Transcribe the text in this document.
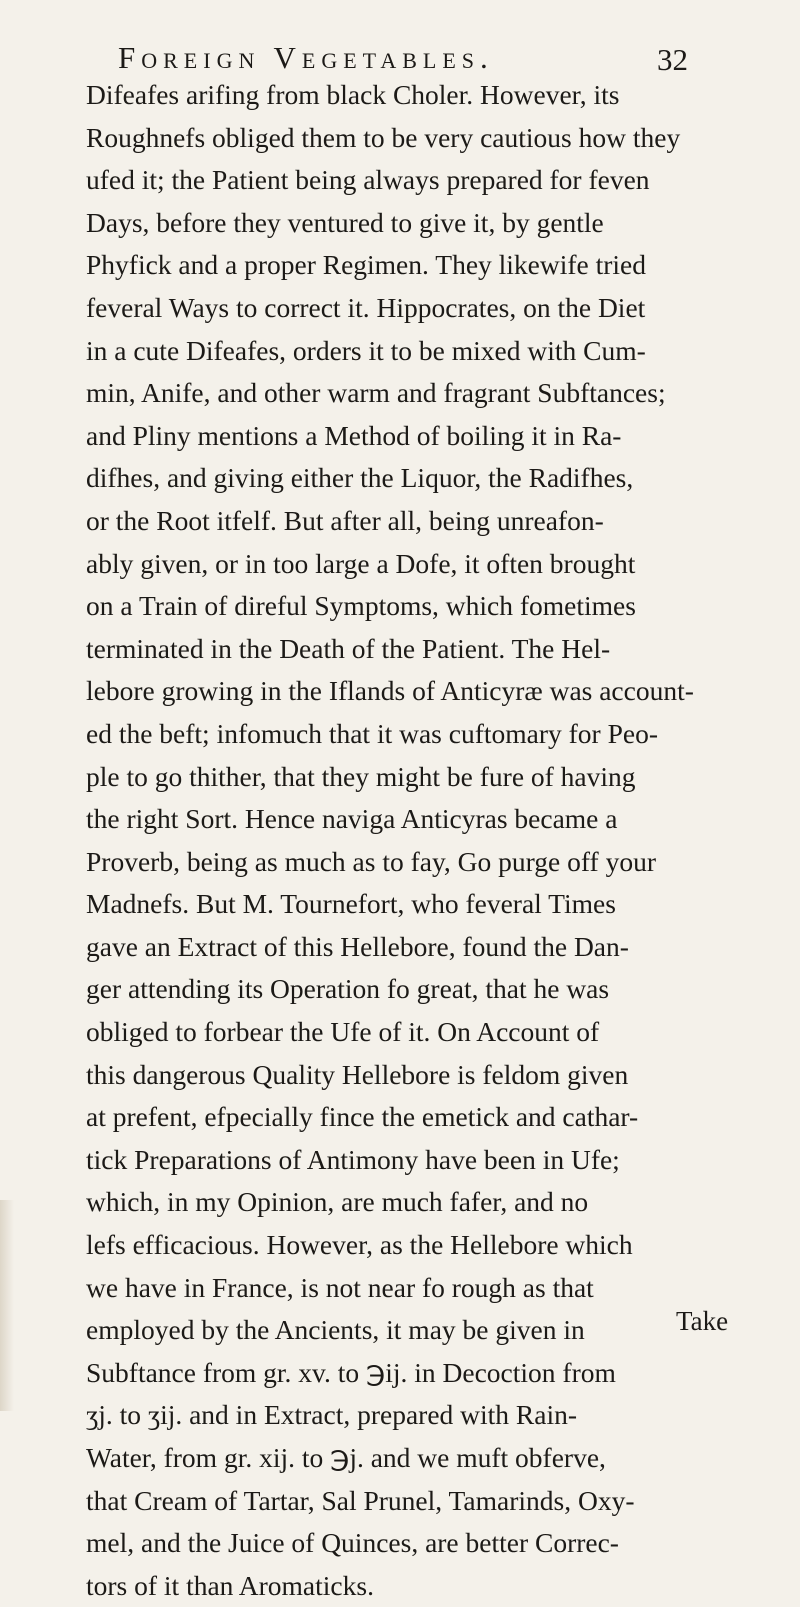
Foreign Vegetables.	32
Difeafes arifing from black Choler. However, its
Roughnefs obliged them to be very cautious how they
ufed it; the Patient being always prepared for feven
Days, before they ventured to give it, by gentle
Phyfick and a proper Regimen. They likewife tried
feveral Ways to correct it. Hippocrates, on the Diet
in a cute Difeafes, orders it to be mixed with Cum-
min, Anife, and other warm and fragrant Subftances;
and Pliny mentions a Method of boiling it in Ra-
difhes, and giving either the Liquor, the Radifhes,
or the Root itfelf. But after all, being unreafon-
ably given, or in too large a Dofe, it often brought
on a Train of direful Symptoms, which fometimes
terminated in the Death of the Patient. The Hel-
lebore growing in the Iflands of Anticyræ was account-
ed the beft; infomuch that it was cuftomary for Peo-
ple to go thither, that they might be fure of having
the right Sort. Hence naviga Anticyras became a
Proverb, being as much as to fay, Go purge off your
Madnefs. But M. Tournefort, who feveral Times
gave an Extract of this Hellebore, found the Dan-
ger attending its Operation fo great, that he was
obliged to forbear the Ufe of it. On Account of
this dangerous Quality Hellebore is feldom given
at prefent, efpecially fince the emetick and cathar-
tick Preparations of Antimony have been in Ufe;
which, in my Opinion, are much fafer, and no
lefs efficacious. However, as the Hellebore which
we have in France, is not near fo rough as that
employed by the Ancients, it may be given in
Subftance from gr. xv. to ℈ij. in Decoction from
ʒj. to ʒij. and in Extract, prepared with Rain-
Water, from gr. xij. to ℈j. and we muft obferve,
that Cream of Tartar, Sal Prunel, Tamarinds, Oxy-
mel, and the Juice of Quinces, are better Correc-
tors of it than Aromaticks.
Take
